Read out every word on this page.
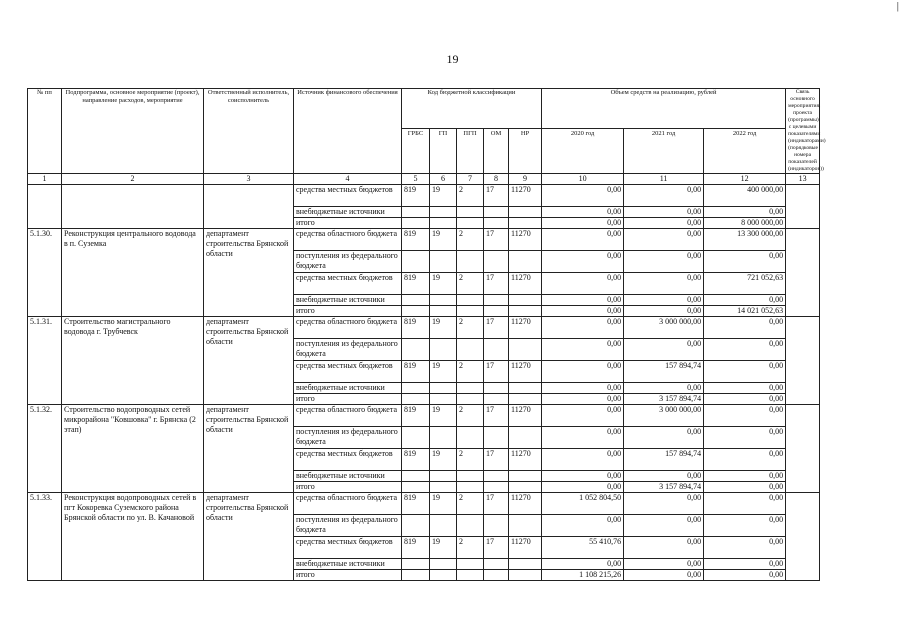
|
19
№ пп	Подпрограмма, основное мероприятие (проект), направление расходов, мероприятие	Ответственный исполнитель, соисполнитель	Источник финансового обеспечения	Код бюджетной классификации					Объем средств на реализацию, рублей			Связь основного мероприятия, проекта (программы) с целевыми показателями (индикаторами) (порядковые номера показателей (индикаторов))
				ГРБС	ГП	ПГП	ОМ	НР	2020 год	2021 год	2022 год	
1	2	3	4	5	6	7	8	9	10	11	12	13
			средства местных бюджетов	819	19	2	17	11270	0,00	0,00	400 000,00	
			внебюджетные источники						0,00	0,00	0,00	
			итого						0,00	0,00	8 000 000,00	
5.1.30.	Реконструкция центрального водовода в п. Суземка	департамент строительства Брянской области	средства областного бюджета	819	19	2	17	11270	0,00	0,00	13 300 000,00	
			поступления из федерального бюджета						0,00	0,00	0,00	
			средства местных бюджетов	819	19	2	17	11270	0,00	0,00	721 052,63	
			внебюджетные источники						0,00	0,00	0,00	
			итого						0,00	0,00	14 021 052,63	
5.1.31.	Строительство магистрального водовода г. Трубчевск	департамент строительства Брянской области	средства областного бюджета	819	19	2	17	11270	0,00	3 000 000,00	0,00	
			поступления из федерального бюджета						0,00	0,00	0,00	
			средства местных бюджетов	819	19	2	17	11270	0,00	157 894,74	0,00	
			внебюджетные источники						0,00	0,00	0,00	
			итого						0,00	3 157 894,74	0,00	
5.1.32.	Строительство водопроводных сетей микрорайона "Ковшовка" г. Брянска (2 этап)	департамент строительства Брянской области	средства областного бюджета	819	19	2	17	11270	0,00	3 000 000,00	0,00	
			поступления из федерального бюджета						0,00	0,00	0,00	
			средства местных бюджетов	819	19	2	17	11270	0,00	157 894,74	0,00	
			внебюджетные источники						0,00	0,00	0,00	
			итого						0,00	3 157 894,74	0,00	
5.1.33.	Реконструкция водопроводных сетей в пгт Кокоревка Суземского района Брянской области по ул. В. Качановой	департамент строительства Брянской области	средства областного бюджета	819	19	2	17	11270	1 052 804,50	0,00	0,00	
			поступления из федерального бюджета						0,00	0,00	0,00	
			средства местных бюджетов	819	19	2	17	11270	55 410,76	0,00	0,00	
			внебюджетные источники						0,00	0,00	0,00	
			итого						1 108 215,26	0,00	0,00	
